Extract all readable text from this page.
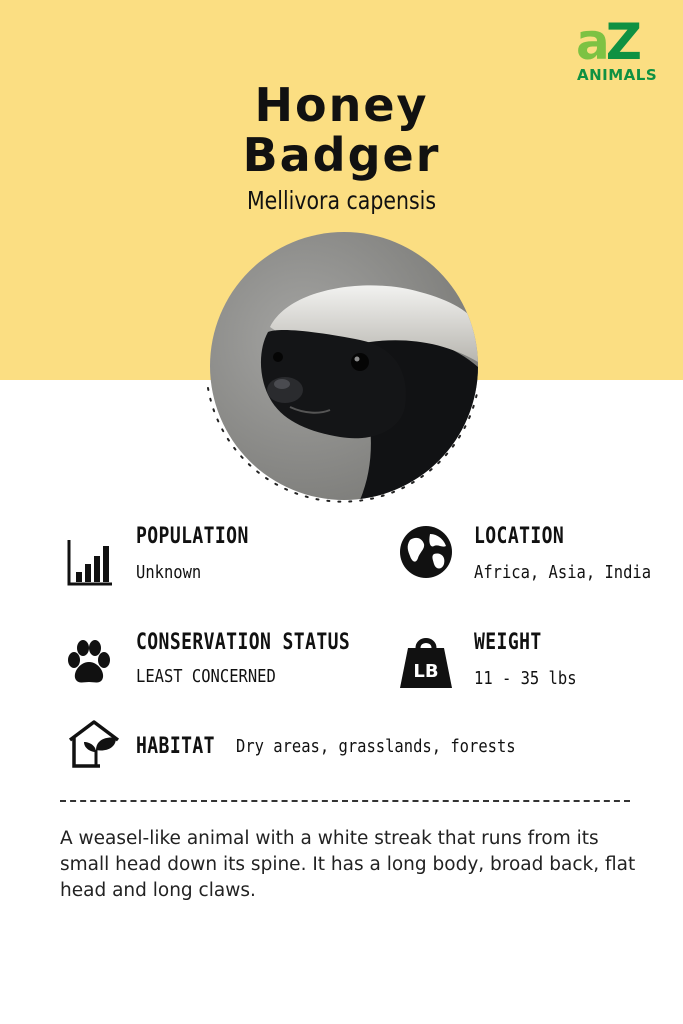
aZ
ANIMALS
Honey
Badger
Mellivora capensis
POPULATION
Unknown
LOCATION
Africa, Asia, India
CONSERVATION STATUS
LEAST CONCERNED	LB
WEIGHT
11 - 35 lbs
HABITAT Dry areas, grasslands, forests
A weasel-like animal with a white streak that runs from its small head down its spine. It has a long body, broad back, flat head and long claws.
